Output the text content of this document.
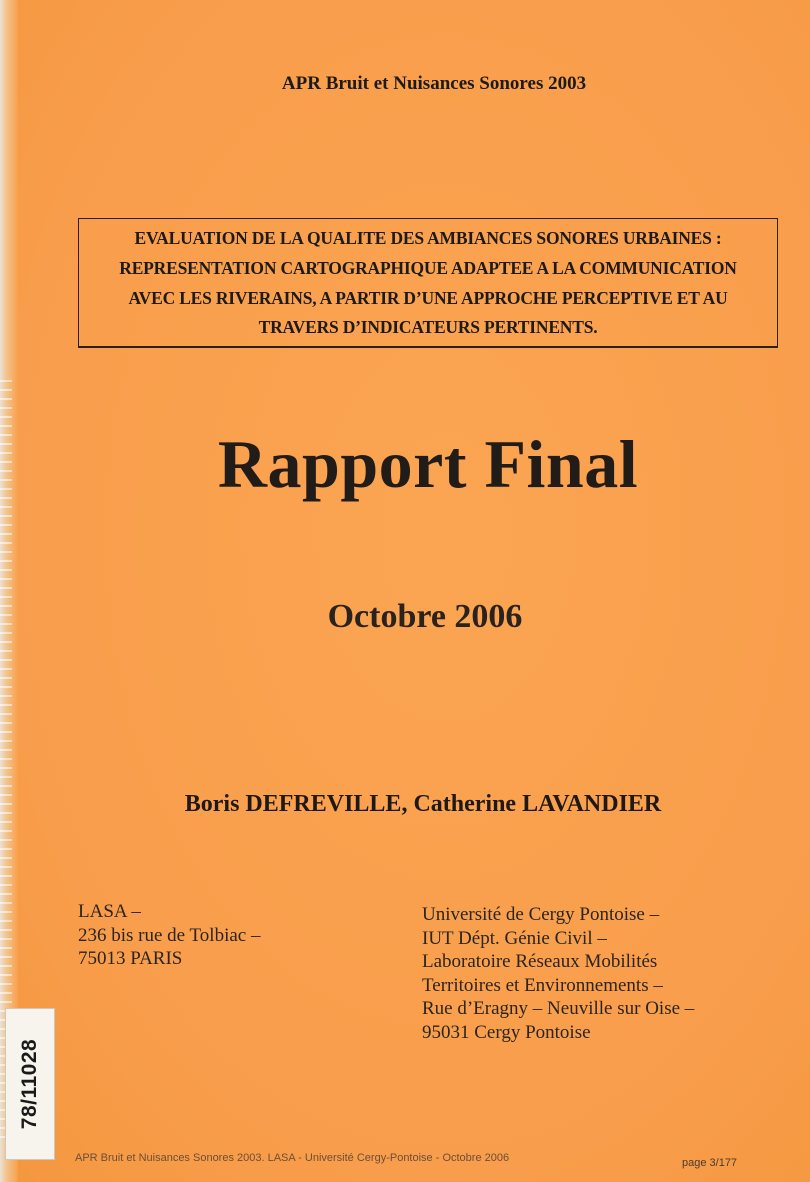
APR Bruit et Nuisances Sonores 2003
EVALUATION DE LA QUALITE DES AMBIANCES SONORES URBAINES :
REPRESENTATION CARTOGRAPHIQUE ADAPTEE A LA COMMUNICATION
AVEC LES RIVERAINS, A PARTIR D’UNE APPROCHE PERCEPTIVE ET AU
TRAVERS D’INDICATEURS PERTINENTS.
Rapport Final
Octobre 2006
Boris DEFREVILLE, Catherine LAVANDIER
LASA –
236 bis rue de Tolbiac –
75013 PARIS
Université de Cergy Pontoise –
IUT Dépt. Génie Civil –
Laboratoire Réseaux Mobilités
Territoires et Environnements –
Rue d’Eragny – Neuville sur Oise –
95031 Cergy Pontoise
78/11028
APR Bruit et Nuisances Sonores 2003. LASA - Université Cergy-Pontoise - Octobre 2006	page 3/177
